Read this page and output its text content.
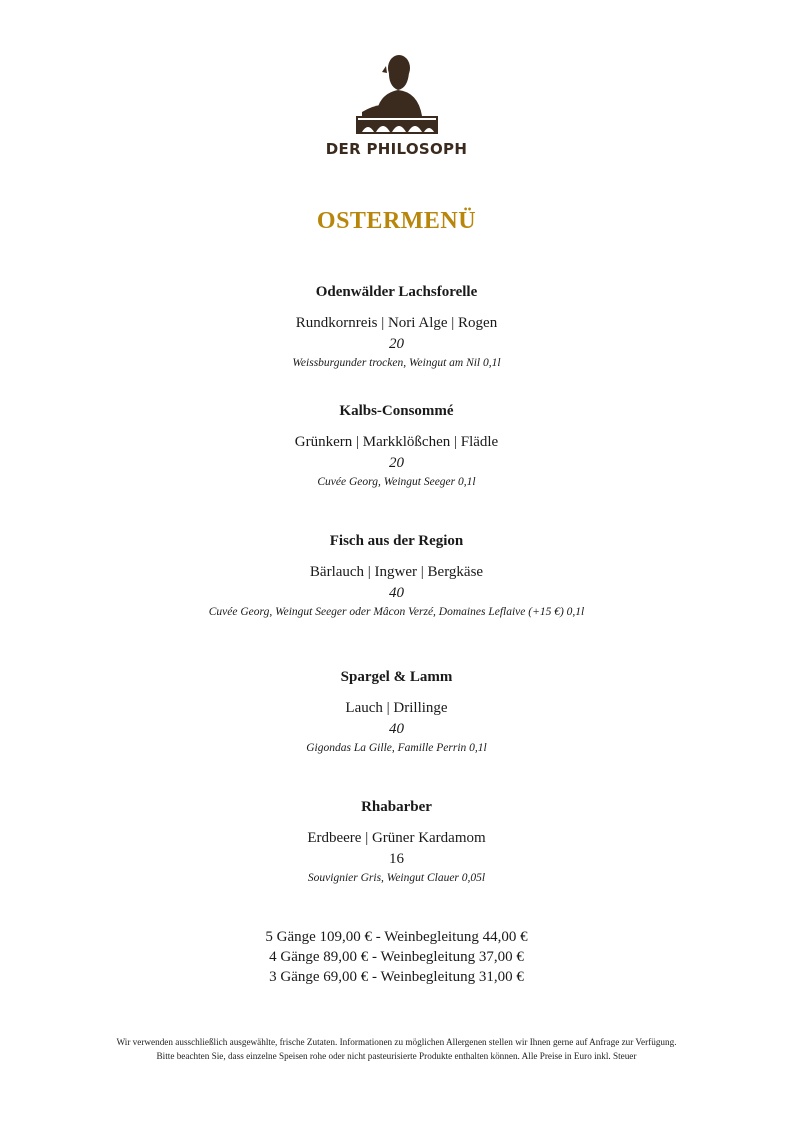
DER PHILOSOPH
OSTERMENÜ
Odenwälder Lachsforelle
Rundkornreis | Nori Alge | Rogen
20
Weissburgunder trocken, Weingut am Nil 0,1l
Kalbs-Consommé
Grünkern | Markklößchen | Flädle
20
Cuvée Georg, Weingut Seeger 0,1l
Fisch aus der Region
Bärlauch | Ingwer | Bergkäse
40
Cuvée Georg, Weingut Seeger oder Mâcon Verzé, Domaines Leflaive (+15 €) 0,1l
Spargel & Lamm
Lauch | Drillinge
40
Gigondas La Gille, Famille Perrin 0,1l
Rhabarber
Erdbeere | Grüner Kardamom
16
Souvignier Gris, Weingut Clauer 0,05l
5 Gänge 109,00 € - Weinbegleitung 44,00 €
4 Gänge 89,00 € - Weinbegleitung 37,00 €
3 Gänge 69,00 € - Weinbegleitung 31,00 €
Wir verwenden ausschließlich ausgewählte, frische Zutaten. Informationen zu möglichen Allergenen stellen wir Ihnen gerne auf Anfrage zur Verfügung.
Bitte beachten Sie, dass einzelne Speisen rohe oder nicht pasteurisierte Produkte enthalten können. Alle Preise in Euro inkl. Steuer
